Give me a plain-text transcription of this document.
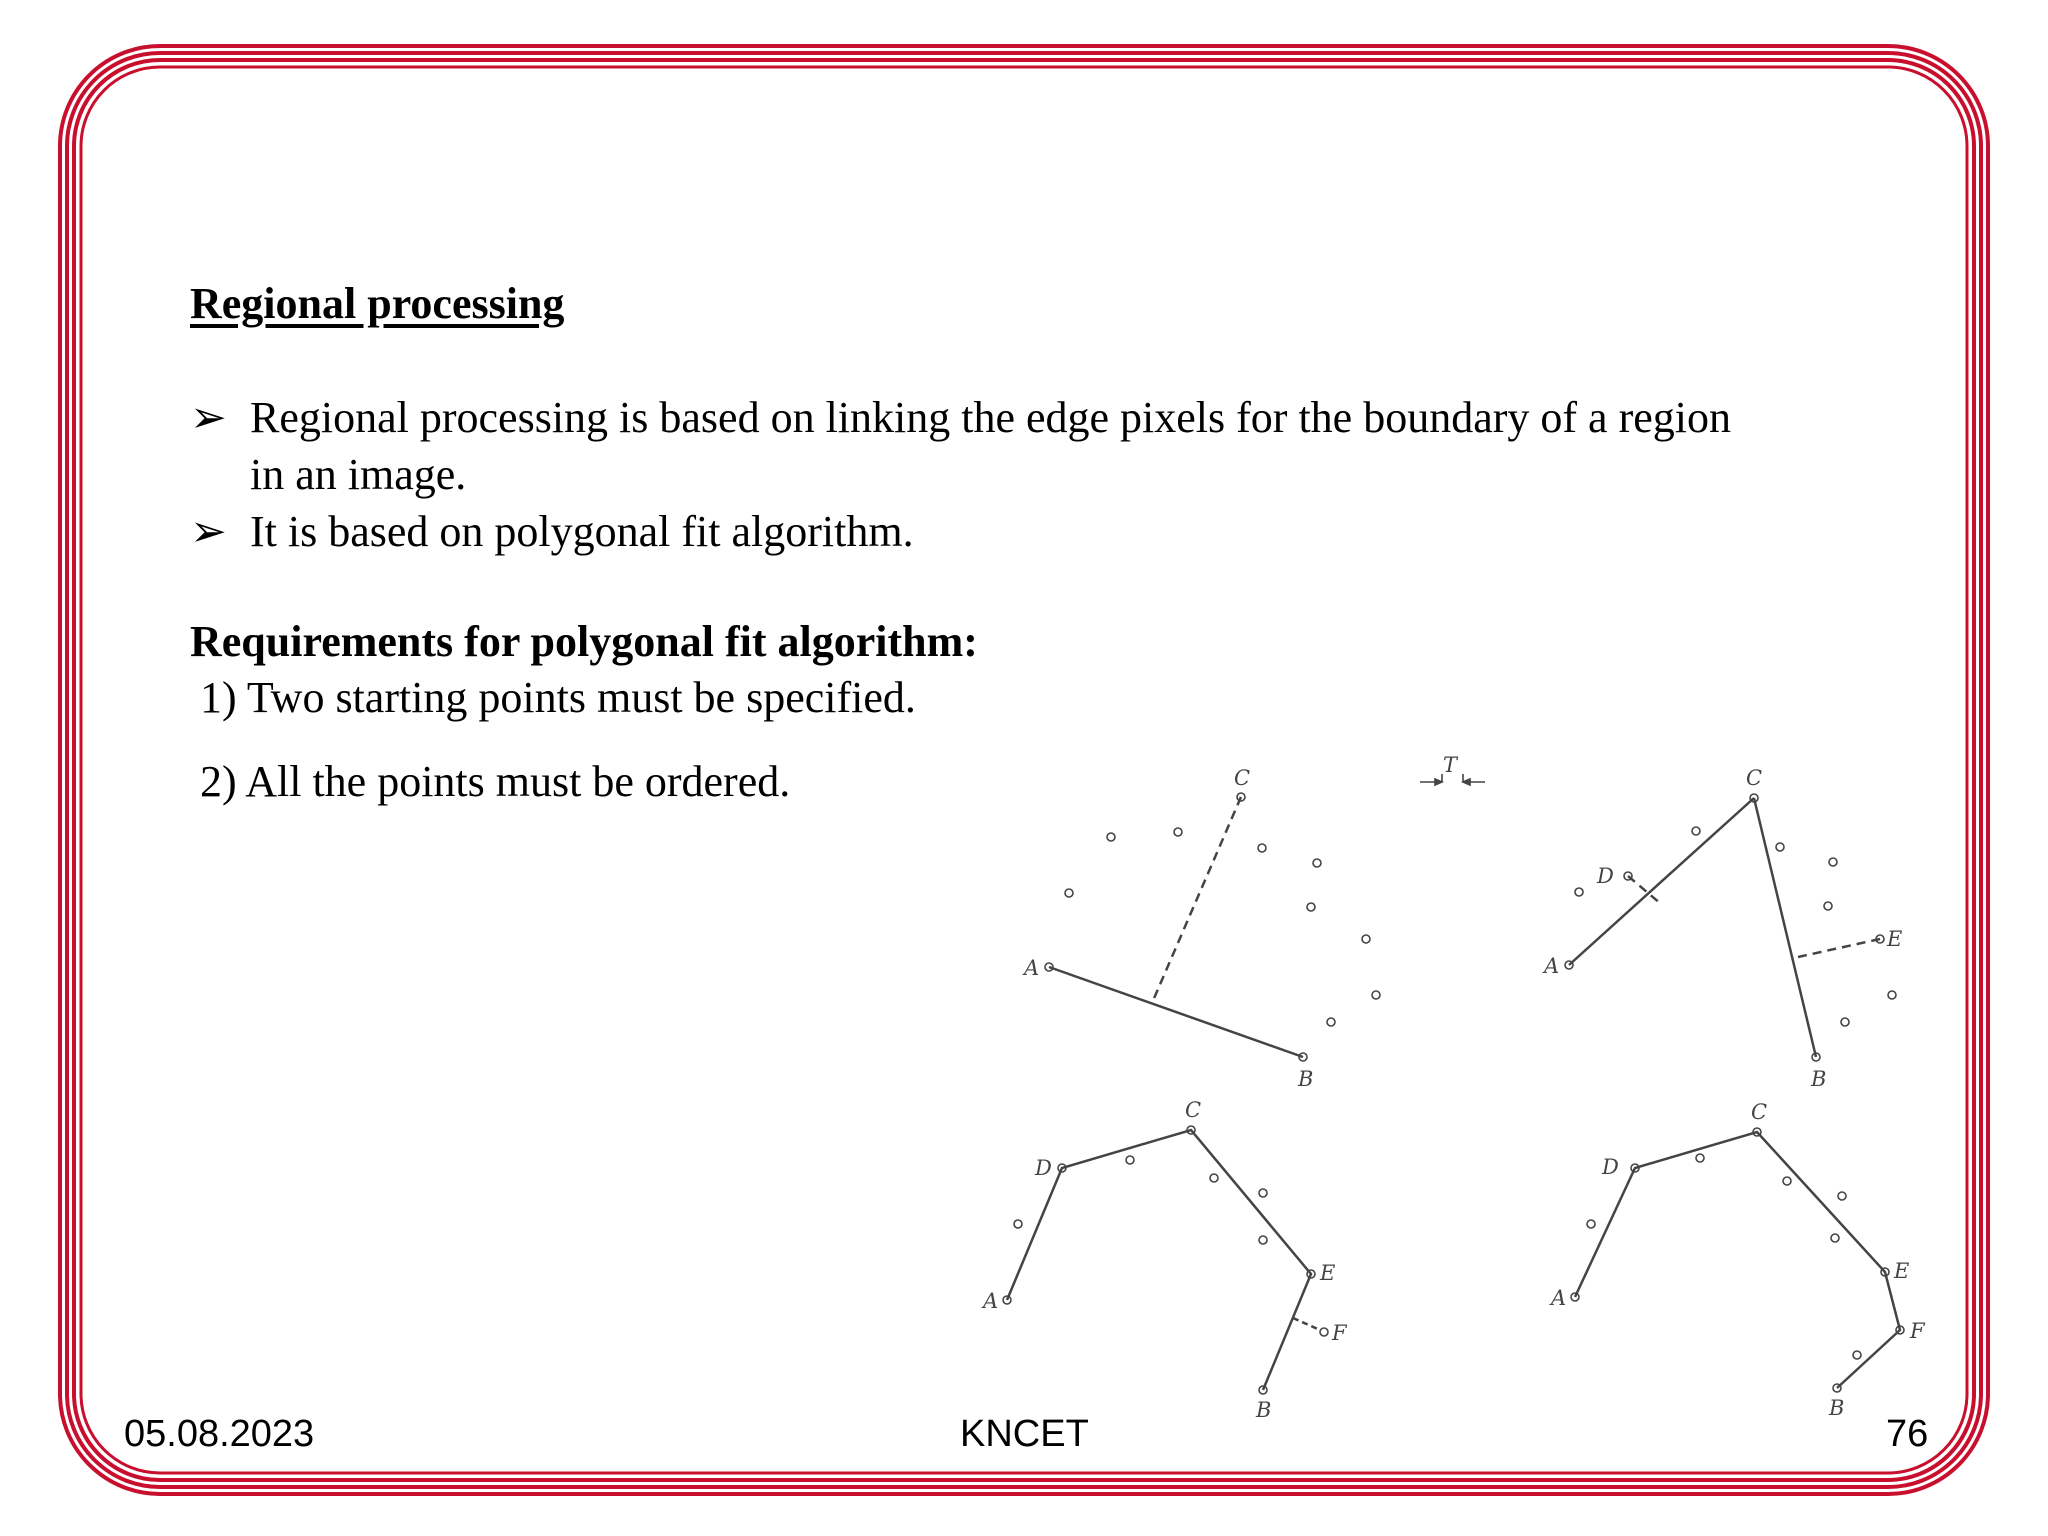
Regional processing
➢ Regional processing is based on linking the edge pixels for the boundary of a region
in an image.
➢ It is based on polygonal fit algorithm.
Requirements for polygonal fit algorithm:
1) Two starting points must be specified.
2) All the points must be ordered.	T
A
B
C
A
B
C
D
E
A
B
C
D
E
F
A
B
C
D
E
F
05.08.2023	KNCET	76
